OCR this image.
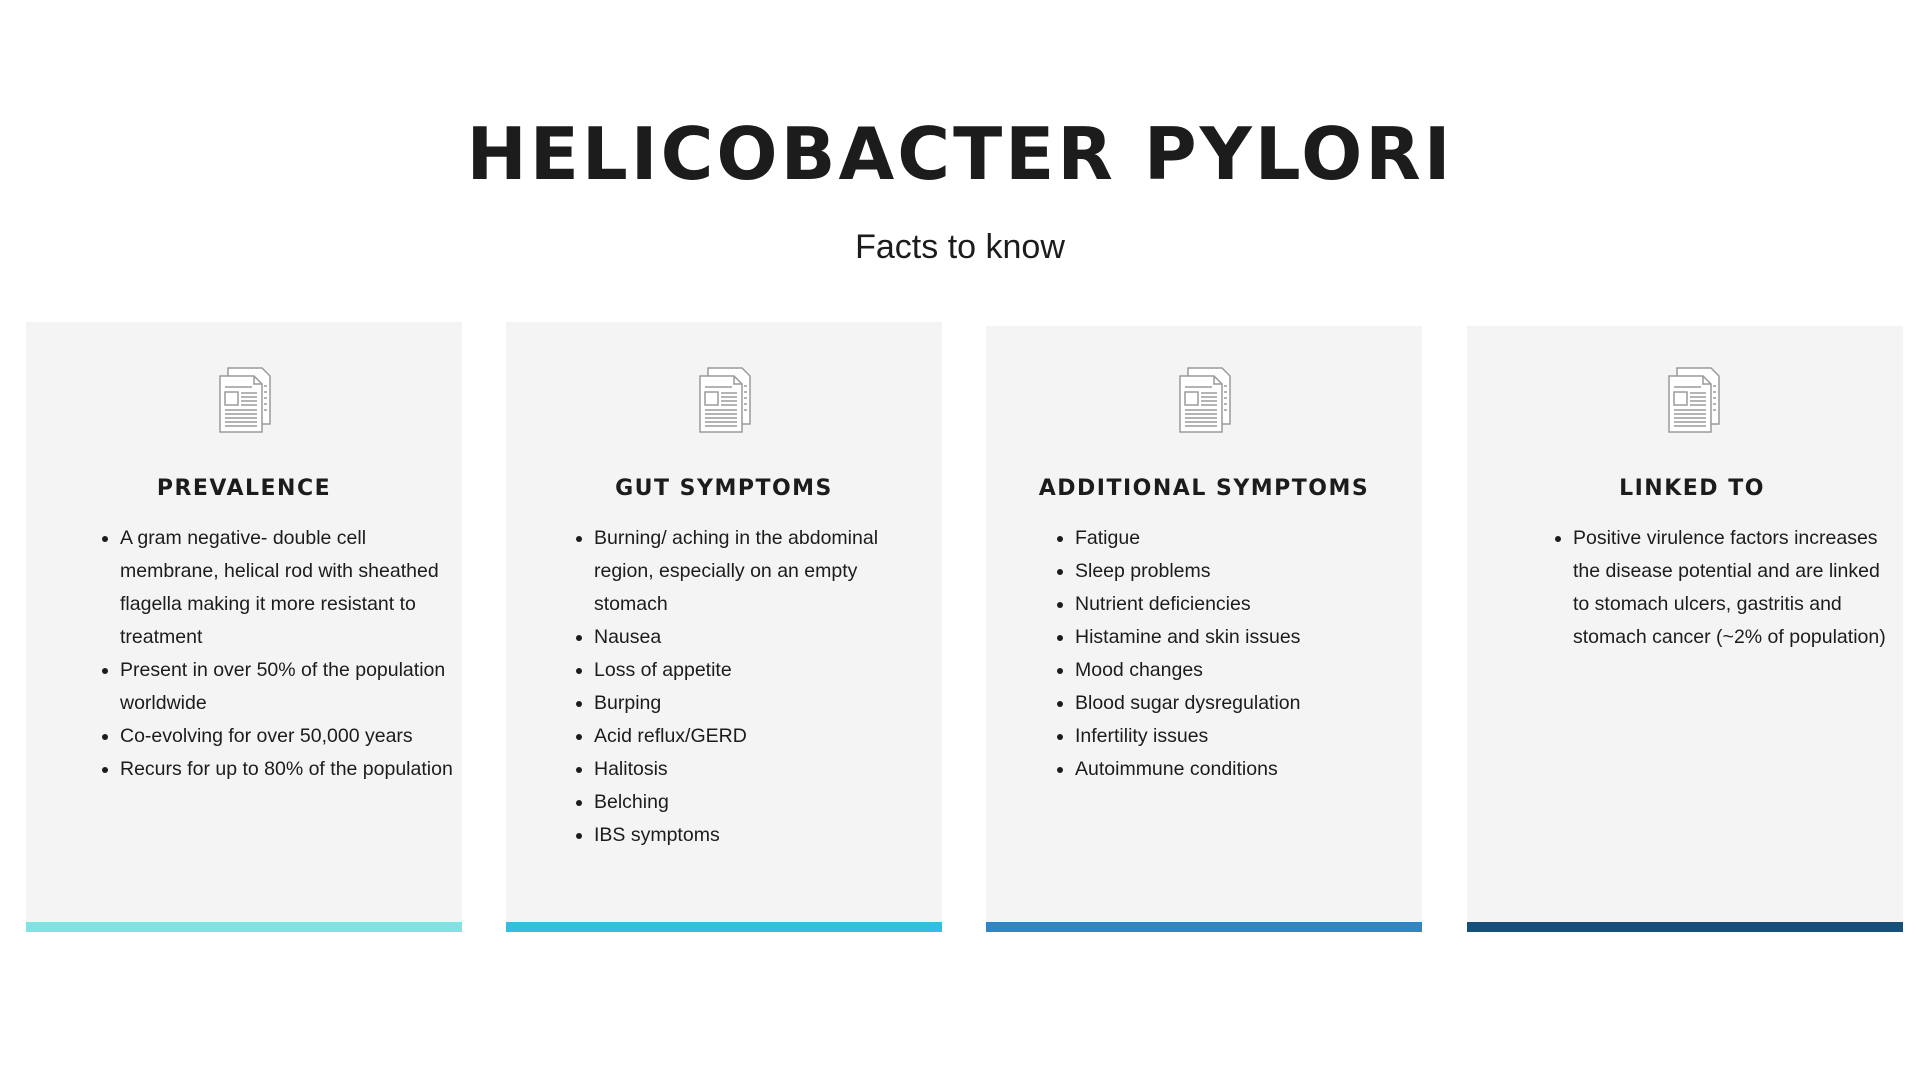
HELICOBACTER PYLORI
Facts to know
PREVALENCE
• A gram negative- double cell membrane, helical rod with sheathed flagella making it more resistant to treatment
• Present in over 50% of the population worldwide
• Co-evolving for over 50,000 years
• Recurs for up to 80% of the population
GUT SYMPTOMS
• Burning/ aching in the abdominal region, especially on an empty stomach
• Nausea
• Loss of appetite
• Burping
• Acid reflux/GERD
• Halitosis
• Belching
• IBS symptoms
ADDITIONAL SYMPTOMS
• Fatigue
• Sleep problems
• Nutrient deficiencies
• Histamine and skin issues
• Mood changes
• Blood sugar dysregulation
• Infertility issues
• Autoimmune conditions
LINKED TO
• Positive virulence factors increases the disease potential and are linked to stomach ulcers, gastritis and stomach cancer (~2% of population)
